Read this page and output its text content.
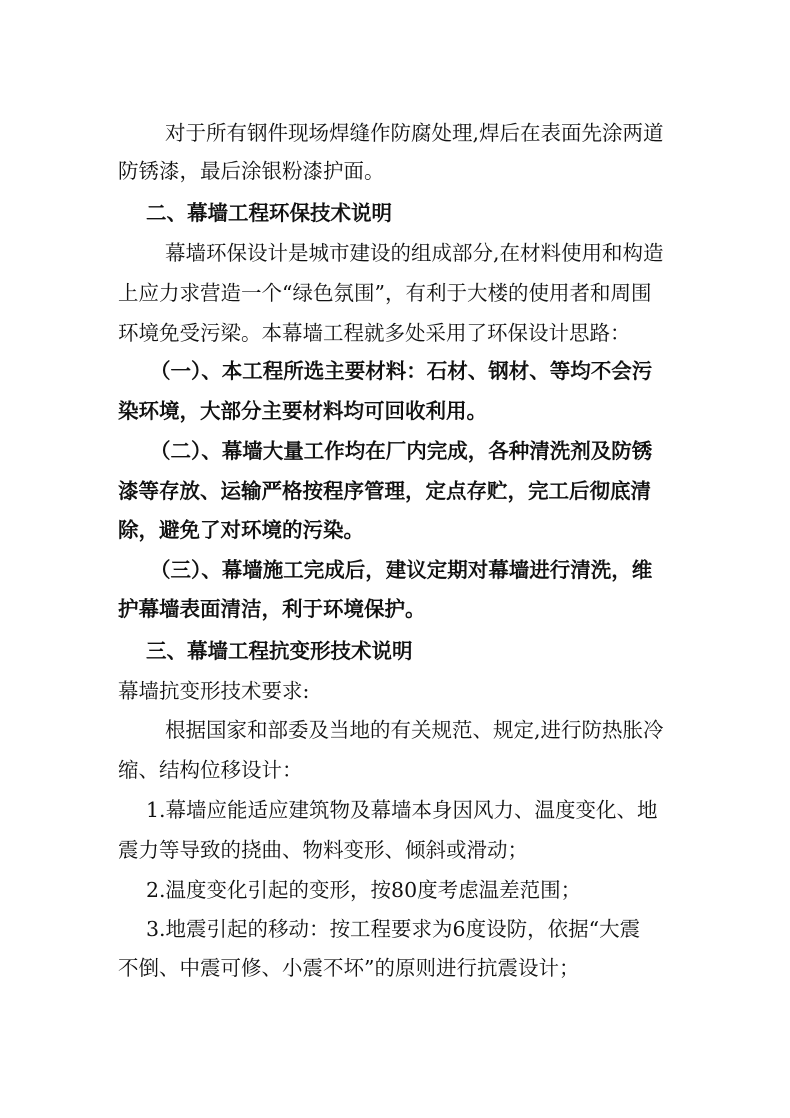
对于所有钢件现场焊缝作防腐处理,焊后在表面先涂两道
防锈漆，最后涂银粉漆护面。
二、幕墙工程环保技术说明
幕墙环保设计是城市建设的组成部分,在材料使用和构造
上应力求营造一个“绿色氛围”，有利于大楼的使用者和周围
环境免受污梁。本幕墙工程就多处采用了环保设计思路：
（一）、本工程所选主要材料：石材、钢材、等均不会污
染环境，大部分主要材料均可回收利用。
（二）、幕墙大量工作均在厂内完成，各种清洗剂及防锈
漆等存放、运输严格按程序管理，定点存贮，完工后彻底清
除，避免了对环境的污染。
（三）、幕墙施工完成后，建议定期对幕墙进行清洗，维
护幕墙表面清洁，利于环境保护。
三、幕墙工程抗变形技术说明
幕墙抗变形技术要求:
根据国家和部委及当地的有关规范、规定,进行防热胀冷
缩、结构位移设计：
1.幕墙应能适应建筑物及幕墙本身因风力、温度变化、地
震力等导致的挠曲、物料变形、倾斜或滑动；
2.温度变化引起的变形，按80度考虑温差范围；
3.地震引起的移动：按工程要求为6度设防，依据“大震
不倒、中震可修、小震不坏”的原则进行抗震设计；
